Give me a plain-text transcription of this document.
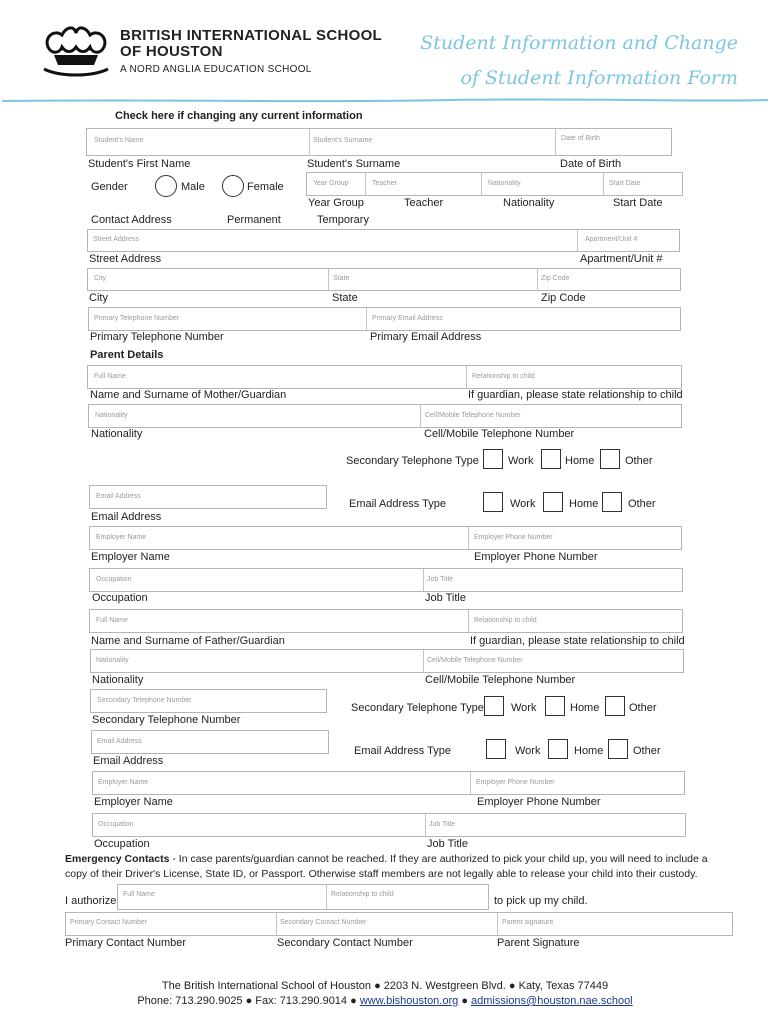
BRITISH INTERNATIONAL SCHOOL
OF HOUSTON
A NORD ANGLIA EDUCATION SCHOOL
Student Information and Change
of Student Information Form
Check here if changing any current information
Student's Name	Student's Surname	Date of Birth
Student's First Name	Student's Surname	Date of Birth
Gender	Male	Female	Year Group	Teacher	Nationality	Start Date
Year Group	Teacher	Nationality	Start Date
Contact Address	Permanent	Temporary
Street Address	Apartment/Unit #
Street Address	Apartment/Unit #
City	State	Zip Code
City	State	Zip Code
Primary Telephone Number	Primary Email Address
Primary Telephone Number	Primary Email Address
Parent Details
Full Name	Relationship to child
Name and Surname of Mother/Guardian	If guardian, please state relationship to child
Nationality	Cell/Mobile Telephone Number
Nationality	Cell/Mobile Telephone Number
Secondary Telephone Type	Work	Home	Other
Email Address
Email Address
Email Address Type	Work	Home	Other
Employer Name	Employer Phone Number
Employer Name	Employer Phone Number
Occupation	Job Title
Occupation	Job Title
Full Name	Relationship to child
Name and Surname of Father/Guardian	If guardian, please state relationship to child
Nationality	Cell/Mobile Telephone Number
Nationality	Cell/Mobile Telephone Number
Secondary Telephone Number
Secondary Telephone Number
Secondary Telephone Type Work	Home	Other
Email Address
Email Address
Email Address Type	Work	Home	Other
Employer Name	Employer Phone Number
Employer Name	Employer Phone Number
Occupation	Job Title
Occupation	Job Title
Emergency Contacts - In case parents/guardian cannot be reached. If they are authorized to pick your child up, you will need to include a
copy of their Driver's License, State ID, or Passport. Otherwise staff members are not legally able to release your child into their custody.
I authorize
Full Name	Relationship to child
to pick up my child.
Primary Contact Number	Secondary Contact Number	Parent signature
Primary Contact Number	Secondary Contact Number	Parent Signature
The British International School of Houston ● 2203 N. Westgreen Blvd. ● Katy, Texas 77449
Phone: 713.290.9025 ● Fax: 713.290.9014 ● www.bishouston.org ● admissions@houston.nae.school
